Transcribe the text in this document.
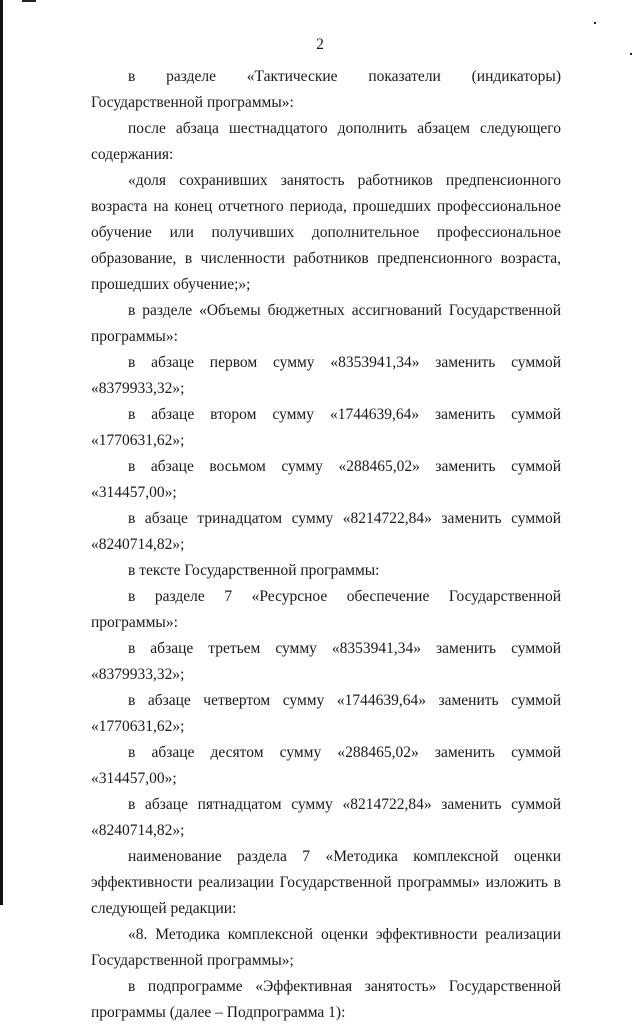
2

в разделе «Тактические показатели (индикаторы) Государственной программы»:

после абзаца шестнадцатого дополнить абзацем следующего содержания:

«доля сохранивших занятость работников предпенсионного возраста на конец отчетного периода, прошедших профессиональное обучение или получивших дополнительное профессиональное образование, в численности работников предпенсионного возраста, прошедших обучение;»;

в разделе «Объемы бюджетных ассигнований Государственной программы»:

в абзаце первом сумму «8353941,34» заменить суммой «8379933,32»;

в абзаце втором сумму «1744639,64» заменить суммой «1770631,62»;

в абзаце восьмом сумму «288465,02» заменить суммой «314457,00»;

в абзаце тринадцатом сумму «8214722,84» заменить суммой «8240714,82»;

в тексте Государственной программы:

в разделе 7 «Ресурсное обеспечение Государственной программы»:

в абзаце третьем сумму «8353941,34» заменить суммой «8379933,32»;

в абзаце четвертом сумму «1744639,64» заменить суммой «1770631,62»;

в абзаце десятом сумму «288465,02» заменить суммой «314457,00»;

в абзаце пятнадцатом сумму «8214722,84» заменить суммой «8240714,82»;

наименование раздела 7 «Методика комплексной оценки эффективности реализации Государственной программы» изложить в следующей редакции:

«8. Методика комплексной оценки эффективности реализации Государственной программы»;

в подпрограмме «Эффективная занятость» Государственной программы (далее – Подпрограмма 1):
